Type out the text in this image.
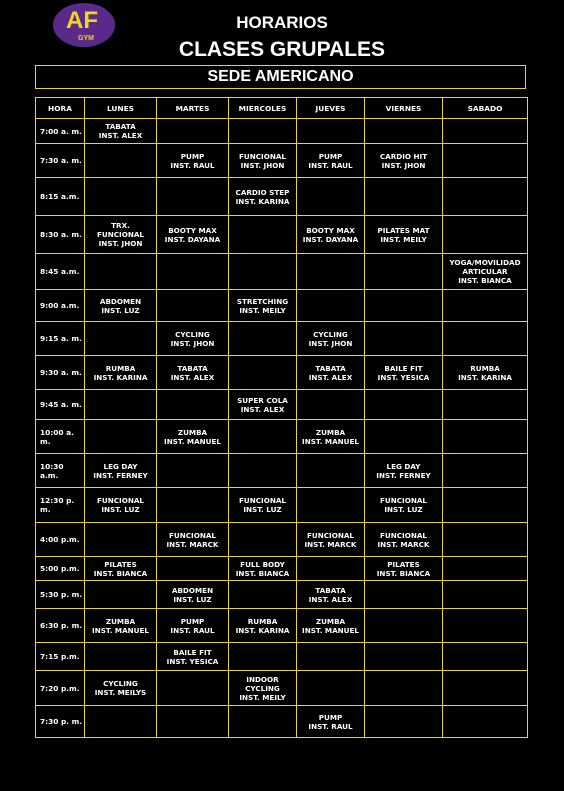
AF
GYM
HORARIOS
CLASES GRUPALES
SEDE AMERICANO
HORA	LUNES	MARTES	MIERCOLES	JUEVES	VIERNES	SABADO
7:00 a. m.	TABATA
INST. ALEX					

7:30 a. m.		PUMP
INST. RAUL	FUNCIONAL
INST. JHON	PUMP
INST. RAUL	CARDIO HIT
INST. JHON	

8:15 a.m.			CARDIO STEP
INST. KARINA			

8:30 a. m.	TRX.
FUNCIONAL
INST. JHON	BOOTY MAX
INST. DAYANA		BOOTY MAX
INST. DAYANA	PILATES MAT
INST. MEILY	

8:45 a.m.						YOGA/MOVILIDAD
ARTICULAR
INST. BIANCA

9:00 a.m.	ABDOMEN
INST. LUZ		STRETCHING
INST. MEILY			

9:15 a. m.		CYCLING
INST. JHON		CYCLING
INST. JHON		

9:30 a. m.	RUMBA
INST. KARINA	TABATA
INST. ALEX		TABATA
INST. ALEX	BAILE FIT
INST. YESICA	RUMBA
INST. KARINA

9:45 a. m.			SUPER COLA
INST. ALEX			

10:00 a. m.		ZUMBA
INST. MANUEL		ZUMBA
INST. MANUEL		

10:30 a.m.	LEG DAY
INST. FERNEY				LEG DAY
INST. FERNEY	

12:30 p. m.	FUNCIONAL
INST. LUZ		FUNCIONAL
INST. LUZ		FUNCIONAL
INST. LUZ	

4:00 p.m.		FUNCIONAL
INST. MARCK		FUNCIONAL
INST. MARCK	FUNCIONAL
INST. MARCK	

5:00 p.m.	PILATES
INST. BIANCA		FULL BODY
INST. BIANCA		PILATES
INST. BIANCA	

5:30 p. m.		ABDOMEN
INST. LUZ		TABATA
INST. ALEX		

6:30 p. m.	ZUMBA
INST. MANUEL	PUMP
INST. RAUL	RUMBA
INST. KARINA	ZUMBA
INST. MANUEL		

7:15 p.m.		BAILE FIT
INST. YESICA				

7:20 p.m.	CYCLING
INST. MEILYS		INDOOR
CYCLING
INST. MEILY			

7:30 p. m.				PUMP
INST. RAUL		
